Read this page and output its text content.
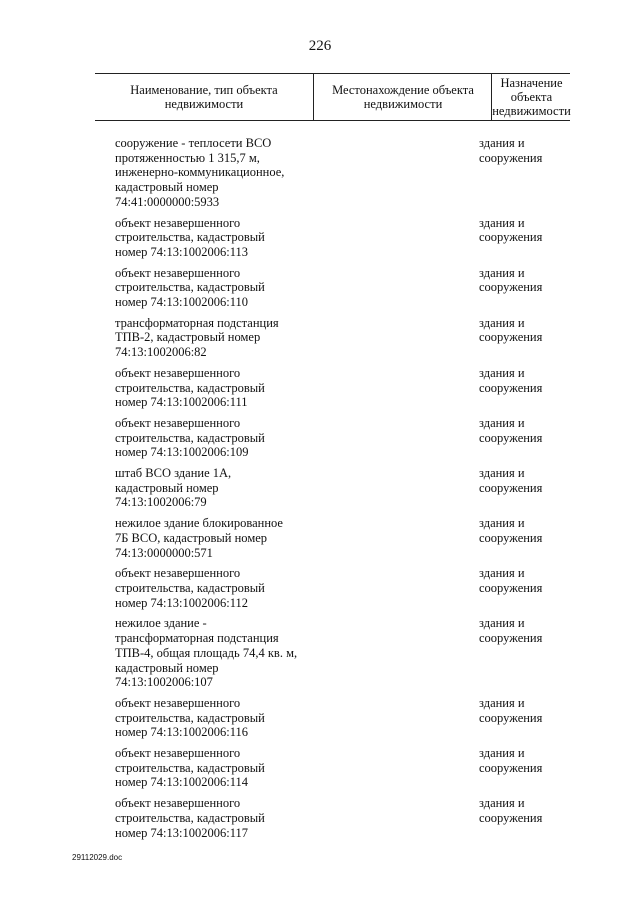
226
Наименование, тип объекта
недвижимости
Местонахождение объекта
недвижимости
Назначение
объекта
недвижимости
сооружение - теплосети ВСО
протяженностью 1 315,7 м,
инженерно-коммуникационное,
кадастровый номер
74:41:0000000:5933
здания и
сооружения
объект незавершенного
строительства, кадастровый
номер 74:13:1002006:113
здания и
сооружения
объект незавершенного
строительства, кадастровый
номер 74:13:1002006:110
здания и
сооружения
трансформаторная подстанция
ТПВ-2, кадастровый номер
74:13:1002006:82
здания и
сооружения
объект незавершенного
строительства, кадастровый
номер 74:13:1002006:111
здания и
сооружения
объект незавершенного
строительства, кадастровый
номер 74:13:1002006:109
здания и
сооружения
штаб ВСО здание 1А,
кадастровый номер
74:13:1002006:79
здания и
сооружения
нежилое здание блокированное
7Б ВСО, кадастровый номер
74:13:0000000:571
здания и
сооружения
объект незавершенного
строительства, кадастровый
номер 74:13:1002006:112
здания и
сооружения
нежилое здание -
трансформаторная подстанция
ТПВ-4, общая площадь 74,4 кв. м,
кадастровый номер
74:13:1002006:107
здания и
сооружения
объект незавершенного
строительства, кадастровый
номер 74:13:1002006:116
здания и
сооружения
объект незавершенного
строительства, кадастровый
номер 74:13:1002006:114
здания и
сооружения
объект незавершенного
строительства, кадастровый
номер 74:13:1002006:117
здания и
сооружения
29112029.doc
